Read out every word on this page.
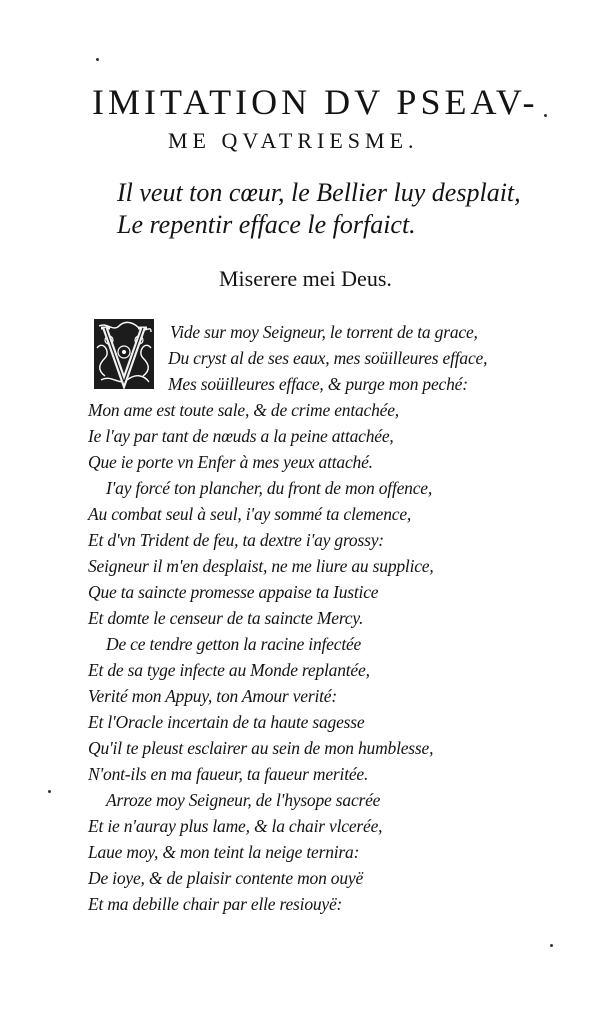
IMITATION DV PSEAV-
ME QVATRIESME.
Il veut ton cœur, le Bellier luy desplait,
Le repentir efface le forfaict.
Miserere mei Deus.
Vide sur moy Seigneur, le torrent de ta grace,
Du cryst al de ses eaux, mes soüilleures efface,
Mes soüilleures efface, & purge mon peché:
Mon ame est toute sale, & de crime entachée,
Ie l'ay par tant de nœuds a la peine attachée,
Que ie porte vn Enfer à mes yeux attaché.
I'ay forcé ton plancher, du front de mon offence,
Au combat seul à seul, i'ay sommé ta clemence,
Et d'vn Trident de feu, ta dextre i'ay grossy:
Seigneur il m'en desplaist, ne me liure au supplice,
Que ta saincte promesse appaise ta Iustice
Et domte le censeur de ta saincte Mercy.
De ce tendre getton la racine infectée
Et de sa tyge infecte au Monde replantée,
Verité mon Appuy, ton Amour verité:
Et l'Oracle incertain de ta haute sagesse
Qu'il te pleust esclairer au sein de mon humblesse,
N'ont-ils en ma faueur, ta faueur meritée.
Arroze moy Seigneur, de l'hysope sacrée
Et ie n'auray plus lame, & la chair vlcerée,
Laue moy, & mon teint la neige ternira:
De ioye, & de plaisir contente mon ouyë
Et ma debille chair par elle resiouyë:
